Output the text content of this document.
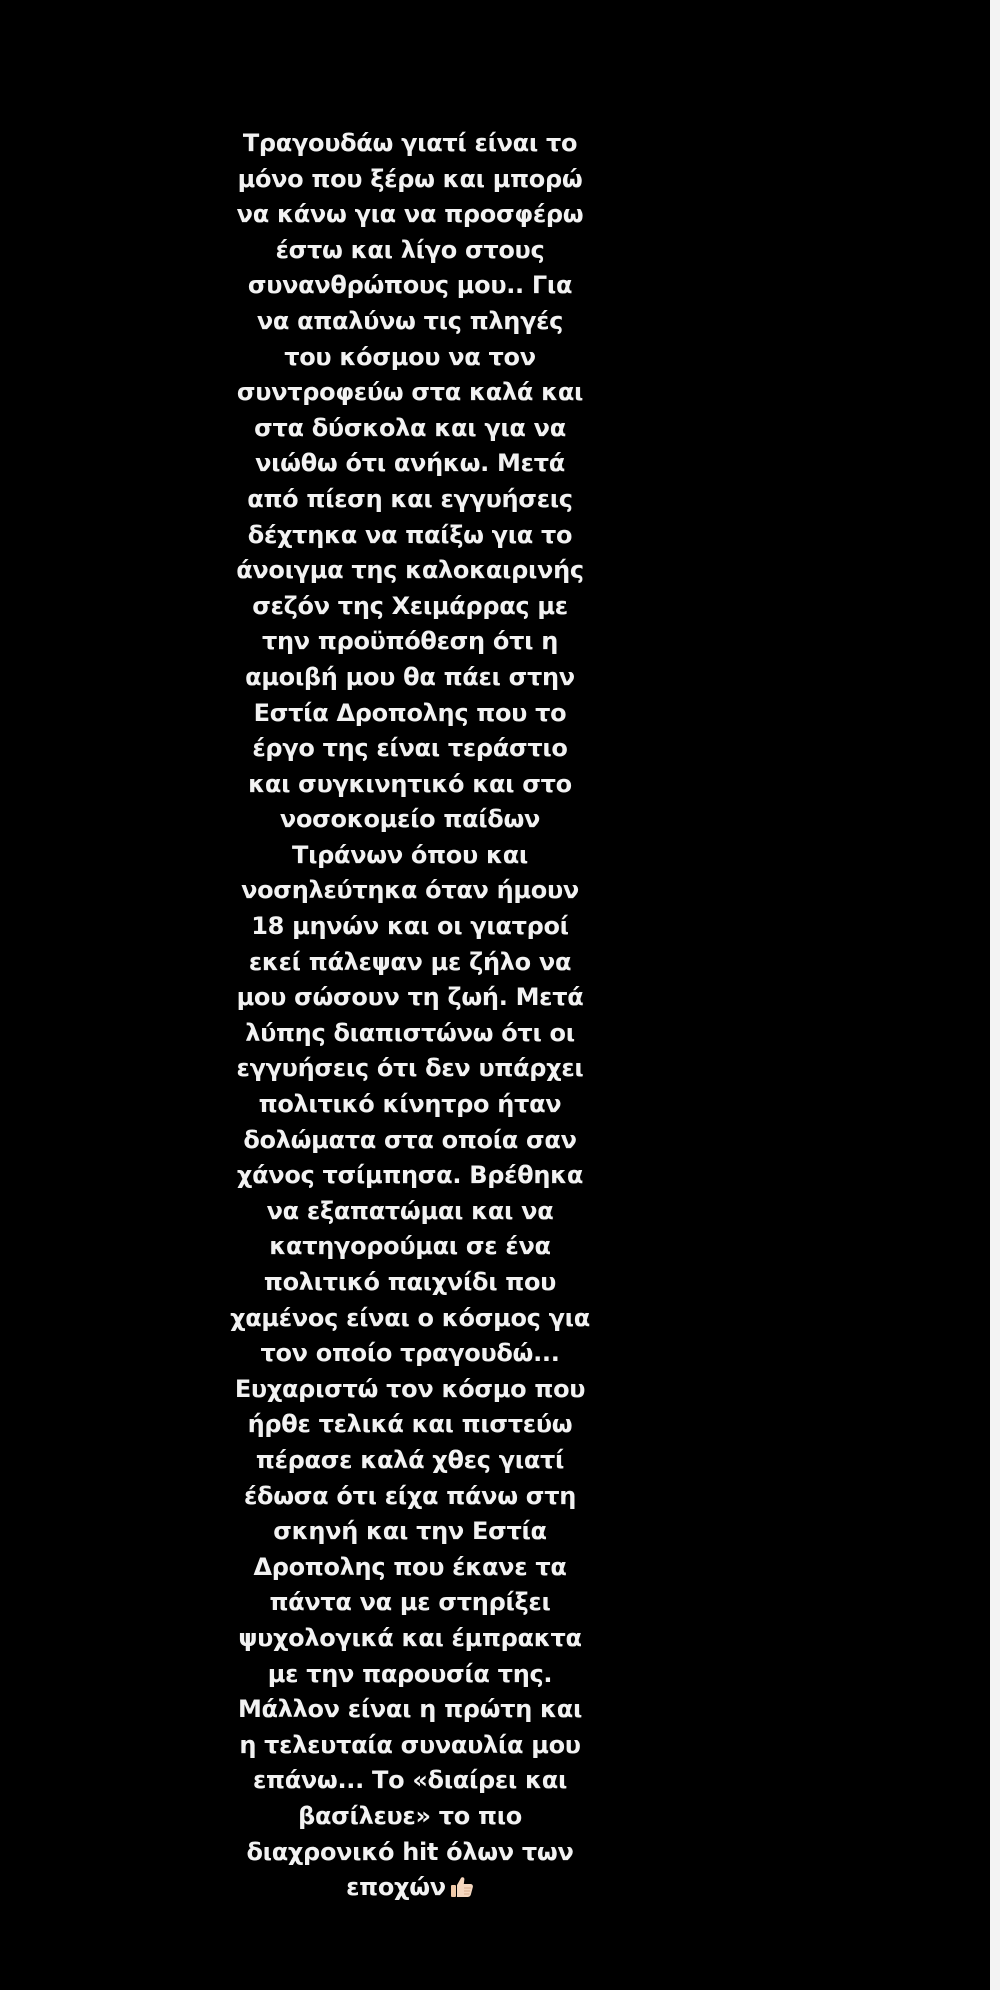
Τραγουδάω γιατί είναι το
μόνο που ξέρω και μπορώ
να κάνω για να προσφέρω
έστω και λίγο στους
συνανθρώπους μου.. Για
να απαλύνω τις πληγές
του κόσμου να τον
συντροφεύω στα καλά και
στα δύσκολα και για να
νιώθω ότι ανήκω. Μετά
από πίεση και εγγυήσεις
δέχτηκα να παίξω για το
άνοιγμα της καλοκαιρινής
σεζόν της Χειμάρρας με
την προϋπόθεση ότι η
αμοιβή μου θα πάει στην
Εστία Δροπολης που το
έργο της είναι τεράστιο
και συγκινητικό και στο
νοσοκομείο παίδων
Τιράνων όπου και
νοσηλεύτηκα όταν ήμουν
18 μηνών και οι γιατροί
εκεί πάλεψαν με ζήλο να
μου σώσουν τη ζωή. Μετά
λύπης διαπιστώνω ότι οι
εγγυήσεις ότι δεν υπάρχει
πολιτικό κίνητρο ήταν
δολώματα στα οποία σαν
χάνος τσίμπησα. Βρέθηκα
να εξαπατώμαι και να
κατηγορούμαι σε ένα
πολιτικό παιχνίδι που
χαμένος είναι ο κόσμος για
τον οποίο τραγουδώ...
Ευχαριστώ τον κόσμο που
ήρθε τελικά και πιστεύω
πέρασε καλά χθες γιατί
έδωσα ότι είχα πάνω στη
σκηνή και την Εστία
Δροπολης που έκανε τα
πάντα να με στηρίξει
ψυχολογικά και έμπρακτα
με την παρουσία της.
Μάλλον είναι η πρώτη και
η τελευταία συναυλία μου
επάνω... Το «διαίρει και
βασίλευε» το πιο
διαχρονικό hit όλων των
εποχών
